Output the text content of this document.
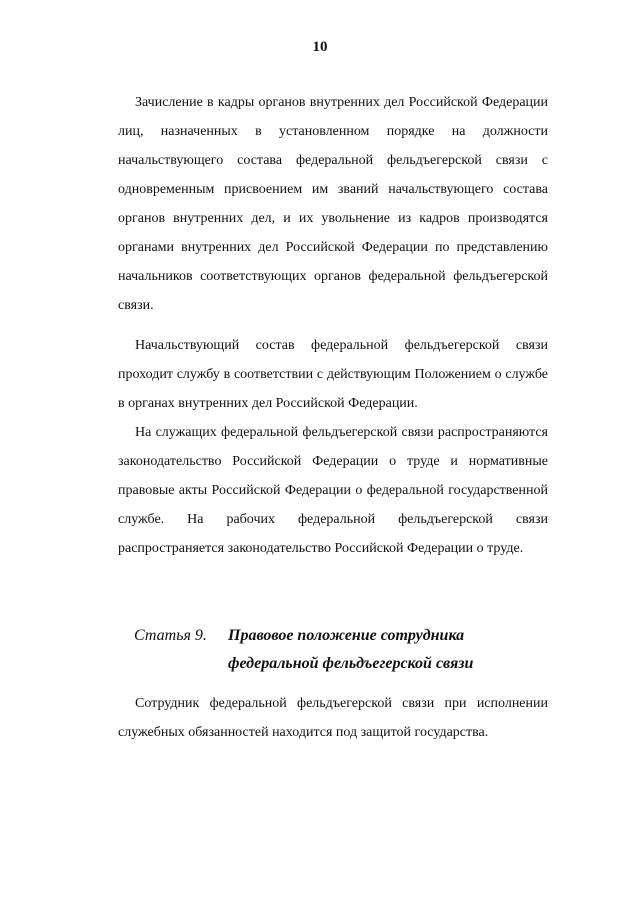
10
Зачисление в кадры органов внутренних дел Российской Федерации лиц, назначенных в установленном порядке на должности начальствующего состава федеральной фельдъегерской связи с одновременным присвоением им званий начальствующего состава органов внутренних дел, и их увольнение из кадров производятся органами внутренних дел Российской Федерации по представлению начальников соответствующих органов федеральной фельдъегерской связи.
Начальствующий состав федеральной фельдъегерской связи проходит службу в соответствии с действующим Положением о службе в органах внутренних дел Российской Федерации.
На служащих федеральной фельдъегерской связи распространяются законодательство Российской Федерации о труде и нормативные правовые акты Российской Федерации о федеральной государственной службе. На рабочих федеральной фельдъегерской связи распространяется законодательство Российской Федерации о труде.
Статья 9. Правовое положение сотрудника
федеральной фельдъегерской связи
Сотрудник федеральной фельдъегерской связи при исполнении служебных обязанностей находится под защитой государства.
